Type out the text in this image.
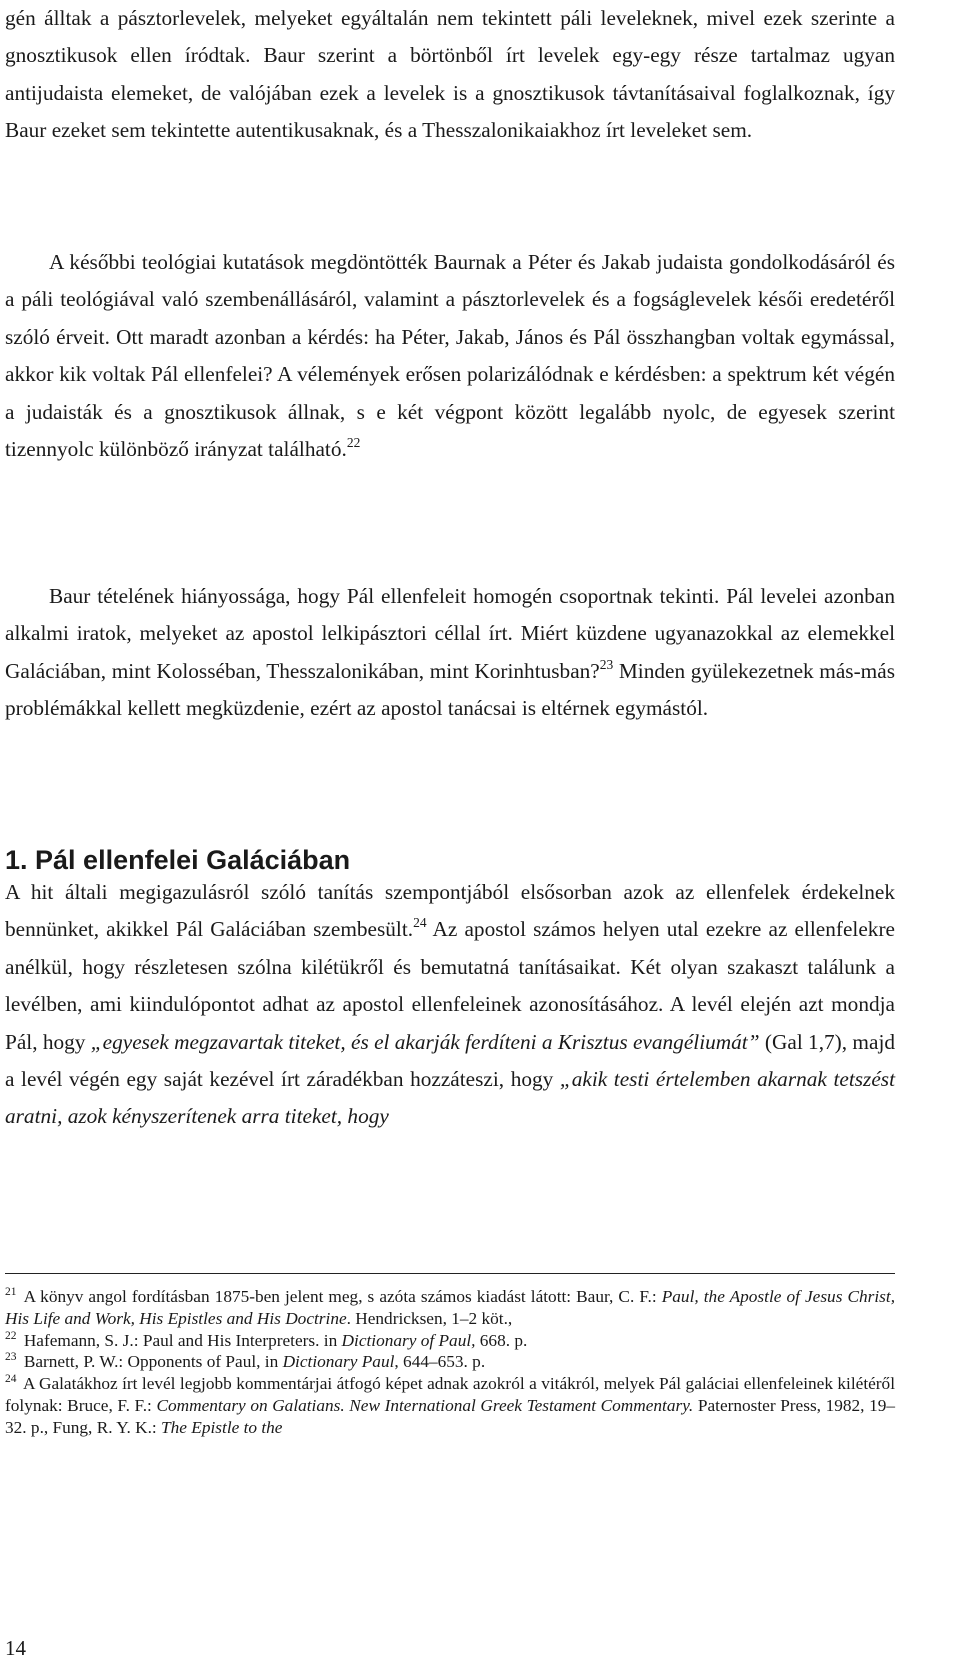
gén álltak a pásztorlevelek, melyeket egyáltalán nem tekintett páli leveleknek, mivel ezek szerinte a gnosztikusok ellen íródtak. Baur szerint a börtönből írt levelek egy-egy része tartalmaz ugyan antijudaista elemeket, de valójában ezek a levelek is a gnosztikusok távtanításaival foglalkoznak, így Baur ezeket sem tekintette autentikusaknak, és a Thesszalonikaiakhoz írt leveleket sem.

A későbbi teológiai kutatások megdöntötték Baurnak a Péter és Jakab judaista gondolkodásáról és a páli teológiával való szembenállásáról, valamint a pásztorlevelek és a fogságlevelek késői eredetéről szóló érveit. Ott maradt azonban a kérdés: ha Péter, Jakab, János és Pál összhangban voltak egymással, akkor kik voltak Pál ellenfelei? A vélemények erősen polarizálódnak e kérdésben: a spektrum két végén a judaisták és a gnosztikusok állnak, s e két végpont között legalább nyolc, de egyesek szerint tizennyolc különböző irányzat található.$^{22}$

Baur tételének hiányossága, hogy Pál ellenfeleit homogén csoportnak tekinti. Pál levelei azonban alkalmi iratok, melyeket az apostol lelkipásztori céllal írt. Miért küzdene ugyanazokkal az elemekkel Galáciában, mint Kolosséban, Thesszalonikában, mint Korinhtusban?$^{23}$ Minden gyülekezetnek más-más problémákkal kellett megküzdenie, ezért az apostol tanácsai is eltérnek egymástól.

1. Pál ellenfelei Galáciában

A hit általi megigazulásról szóló tanítás szempontjából elsősorban azok az ellenfelek érdekelnek bennünket, akikkel Pál Galáciában szembesült.$^{24}$ Az apostol számos helyen utal ezekre az ellenfelekre anélkül, hogy részletesen szólna kilétükről és bemutatná tanításaikat. Két olyan szakaszt találunk a levélben, ami kiindulópontot adhat az apostol ellenfeleinek azonosításához. A levél elején azt mondja Pál, hogy „egyesek megzavartak titeket, és el akarják ferdíteni a Krisztus evangéliumát” (Gal 1,7), majd a levél végén egy saját kezével írt záradékban hozzáteszi, hogy „akik testi értelemben akarnak tetszést aratni, azok kényszerítenek arra titeket, hogy

$^{21}$ A könyv angol fordításban 1875-ben jelent meg, s azóta számos kiadást látott: Baur, C. F.: Paul, the Apostle of Jesus Christ, His Life and Work, His Epistles and His Doctrine. Hendricksen, 1–2 köt.,

$^{22}$ Hafemann, S. J.: Paul and His Interpreters. in Dictionary of Paul, 668. p.

$^{23}$ Barnett, P. W.: Opponents of Paul, in Dictionary Paul, 644–653. p.

$^{24}$ A Galatákhoz írt levél legjobb kommentárjai átfogó képet adnak azokról a vitákról, melyek Pál galáciai ellenfeleinek kilétéről folynak: Bruce, F. F.: Commentary on Galatians. New International Greek Testament Commentary. Paternoster Press, 1982, 19–32. p., Fung, R. Y. K.: The Epistle to the

14
